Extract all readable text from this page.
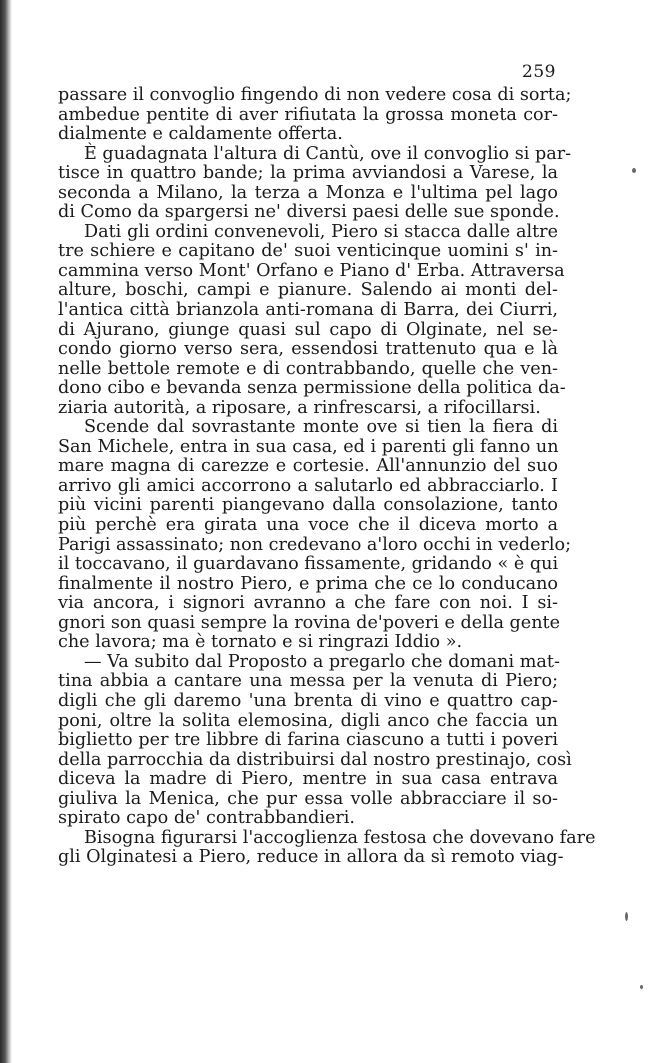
259
passare il convoglio fingendo di non vedere cosa di sorta;
ambedue pentite di aver rifiutata la grossa moneta cor-
dialmente e caldamente offerta.
È guadagnata l'altura di Cantù, ove il convoglio si par-
tisce in quattro bande; la prima avviandosi a Varese, la
seconda a Milano, la terza a Monza e l'ultima pel lago
di Como da spargersi ne' diversi paesi delle sue sponde.
Dati gli ordini convenevoli, Piero si stacca dalle altre
tre schiere e capitano de' suoi venticinque uomini s' in-
cammina verso Mont' Orfano e Piano d' Erba. Attraversa
alture, boschi, campi e pianure. Salendo ai monti del-
l'antica città brianzola anti-romana di Barra, dei Ciurri,
di Ajurano, giunge quasi sul capo di Olginate, nel se-
condo giorno verso sera, essendosi trattenuto qua e là
nelle bettole remote e di contrabbando, quelle che ven-
dono cibo e bevanda senza permissione della politica da-
ziaria autorità, a riposare, a rinfrescarsi, a rifocillarsi.
Scende dal sovrastante monte ove si tien la fiera di
San Michele, entra in sua casa, ed i parenti gli fanno un
mare magna di carezze e cortesie. All'annunzio del suo
arrivo gli amici accorrono a salutarlo ed abbracciarlo. I
più vicini parenti piangevano dalla consolazione, tanto
più perchè era girata una voce che il diceva morto a
Parigi assassinato; non credevano a'loro occhi in vederlo;
il toccavano, il guardavano fissamente, gridando « è qui
finalmente il nostro Piero, e prima che ce lo conducano
via ancora, i signori avranno a che fare con noi. I si-
gnori son quasi sempre la rovina de'poveri e della gente
che lavora; ma è tornato e si ringrazi Iddio ».
— Va subito dal Proposto a pregarlo che domani mat-
tina abbia a cantare una messa per la venuta di Piero;
digli che gli daremo 'una brenta di vino e quattro cap-
poni, oltre la solita elemosina, digli anco che faccia un
biglietto per tre libbre di farina ciascuno a tutti i poveri
della parrocchia da distribuirsi dal nostro prestinajo, così
diceva la madre di Piero, mentre in sua casa entrava
giuliva la Menica, che pur essa volle abbracciare il so-
spirato capo de' contrabbandieri.
Bisogna figurarsi l'accoglienza festosa che dovevano fare
gli Olginatesi a Piero, reduce in allora da sì remoto viag-
